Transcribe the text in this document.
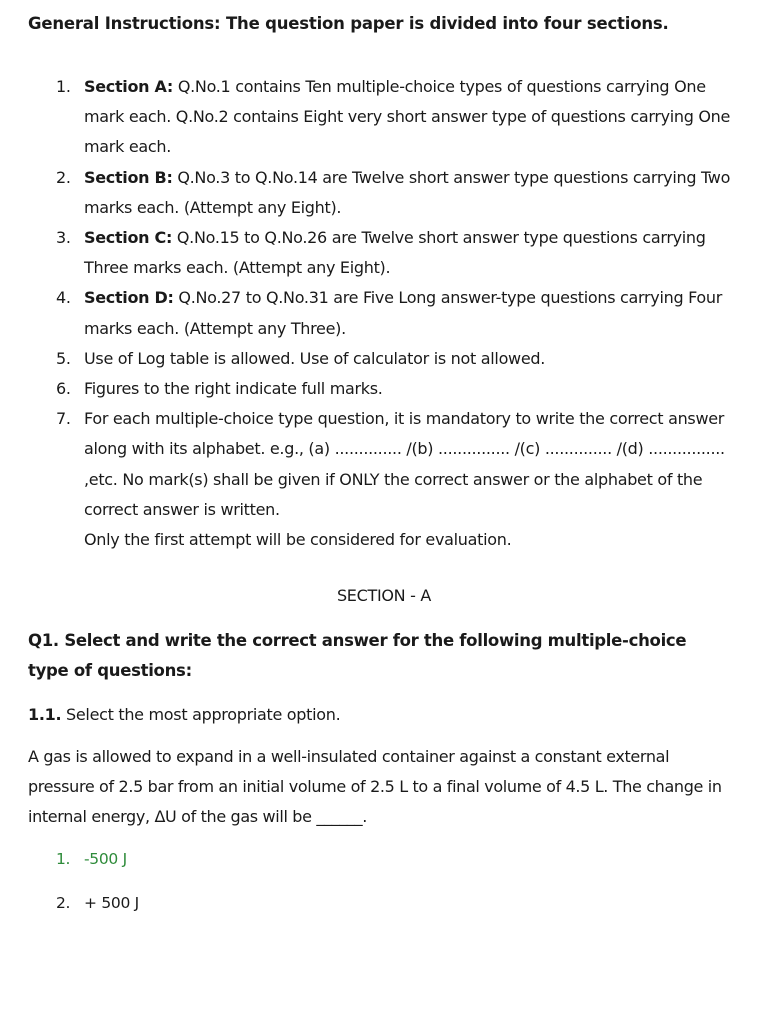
General Instructions: The question paper is divided into four sections.
1. Section A: Q.No.1 contains Ten multiple-choice types of questions carrying One mark each. Q.No.2 contains Eight very short answer type of questions carrying One mark each.
2. Section B: Q.No.3 to Q.No.14 are Twelve short answer type questions carrying Two marks each. (Attempt any Eight).
3. Section C: Q.No.15 to Q.No.26 are Twelve short answer type questions carrying Three marks each. (Attempt any Eight).
4. Section D: Q.No.27 to Q.No.31 are Five Long answer-type questions carrying Four marks each. (Attempt any Three).
5. Use of Log table is allowed. Use of calculator is not allowed.
6. Figures to the right indicate full marks.
7. For each multiple-choice type question, it is mandatory to write the correct answer along with its alphabet. e.g., (a) .............. /(b) ............... /(c) .............. /(d) ................ ,etc. No mark(s) shall be given if ONLY the correct answer or the alphabet of the correct answer is written.
Only the first attempt will be considered for evaluation.
SECTION - A
Q1. Select and write the correct answer for the following multiple-choice type of questions:
1.1. Select the most appropriate option.
A gas is allowed to expand in a well-insulated container against a constant external pressure of 2.5 bar from an initial volume of 2.5 L to a final volume of 4.5 L. The change in internal energy, ΔU of the gas will be ______.
1. -500 J
2. + 500 J
